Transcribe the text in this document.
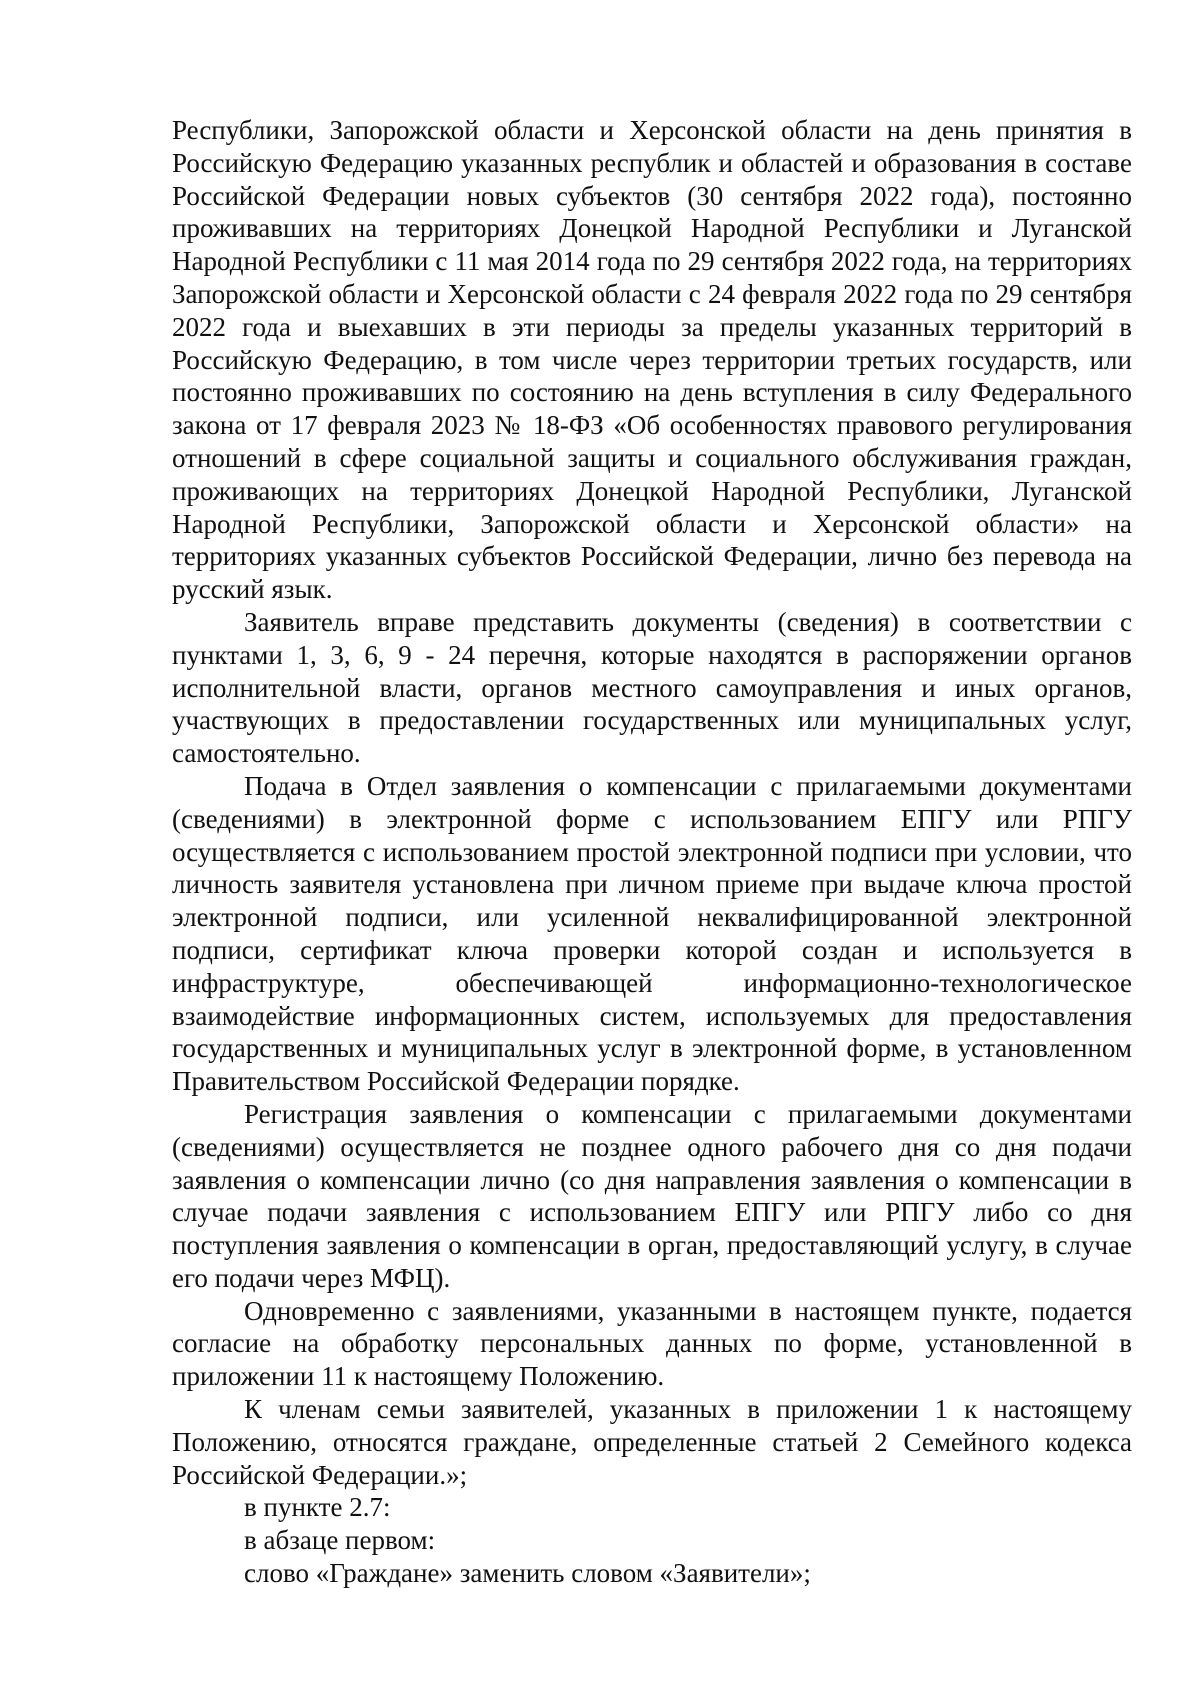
Республики, Запорожской области и Херсонской области на день принятия в Российскую Федерацию указанных республик и областей и образования в составе Российской Федерации новых субъектов (30 сентября 2022 года), постоянно проживавших на территориях Донецкой Народной Республики и Луганской Народной Республики с 11 мая 2014 года по 29 сентября 2022 года, на территориях Запорожской области и Херсонской области с 24 февраля 2022 года по 29 сентября 2022 года и выехавших в эти периоды за пределы указанных территорий в Российскую Федерацию, в том числе через территории третьих государств, или постоянно проживавших по состоянию на день вступления в силу Федерального закона от 17 февраля 2023 № 18-ФЗ «Об особенностях правового регулирования отношений в сфере социальной защиты и социального обслуживания граждан, проживающих на территориях Донецкой Народной Республики, Луганской Народной Республики, Запорожской области и Херсонской области» на территориях указанных субъектов Российской Федерации, лично без перевода на русский язык.

Заявитель вправе представить документы (сведения) в соответствии с пунктами 1, 3, 6, 9 - 24 перечня, которые находятся в распоряжении органов исполнительной власти, органов местного самоуправления и иных органов, участвующих в предоставлении государственных или муниципальных услуг, самостоятельно.

Подача в Отдел заявления о компенсации с прилагаемыми документами (сведениями) в электронной форме с использованием ЕПГУ или РПГУ осуществляется с использованием простой электронной подписи при условии, что личность заявителя установлена при личном приеме при выдаче ключа простой электронной подписи, или усиленной неквалифицированной электронной подписи, сертификат ключа проверки которой создан и используется в инфраструктуре, обеспечивающей информационно-технологическое взаимодействие информационных систем, используемых для предоставления государственных и муниципальных услуг в электронной форме, в установленном Правительством Российской Федерации порядке.

Регистрация заявления о компенсации с прилагаемыми документами (сведениями) осуществляется не позднее одного рабочего дня со дня подачи заявления о компенсации лично (со дня направления заявления о компенсации в случае подачи заявления с использованием ЕПГУ или РПГУ либо со дня поступления заявления о компенсации в орган, предоставляющий услугу, в случае его подачи через МФЦ).

Одновременно с заявлениями, указанными в настоящем пункте, подается согласие на обработку персональных данных по форме, установленной в приложении 11 к настоящему Положению.

К членам семьи заявителей, указанных в приложении 1 к настоящему Положению, относятся граждане, определенные статьей 2 Семейного кодекса Российской Федерации.»;

в пункте 2.7:

в абзаце первом:

слово «Граждане» заменить словом «Заявители»;
